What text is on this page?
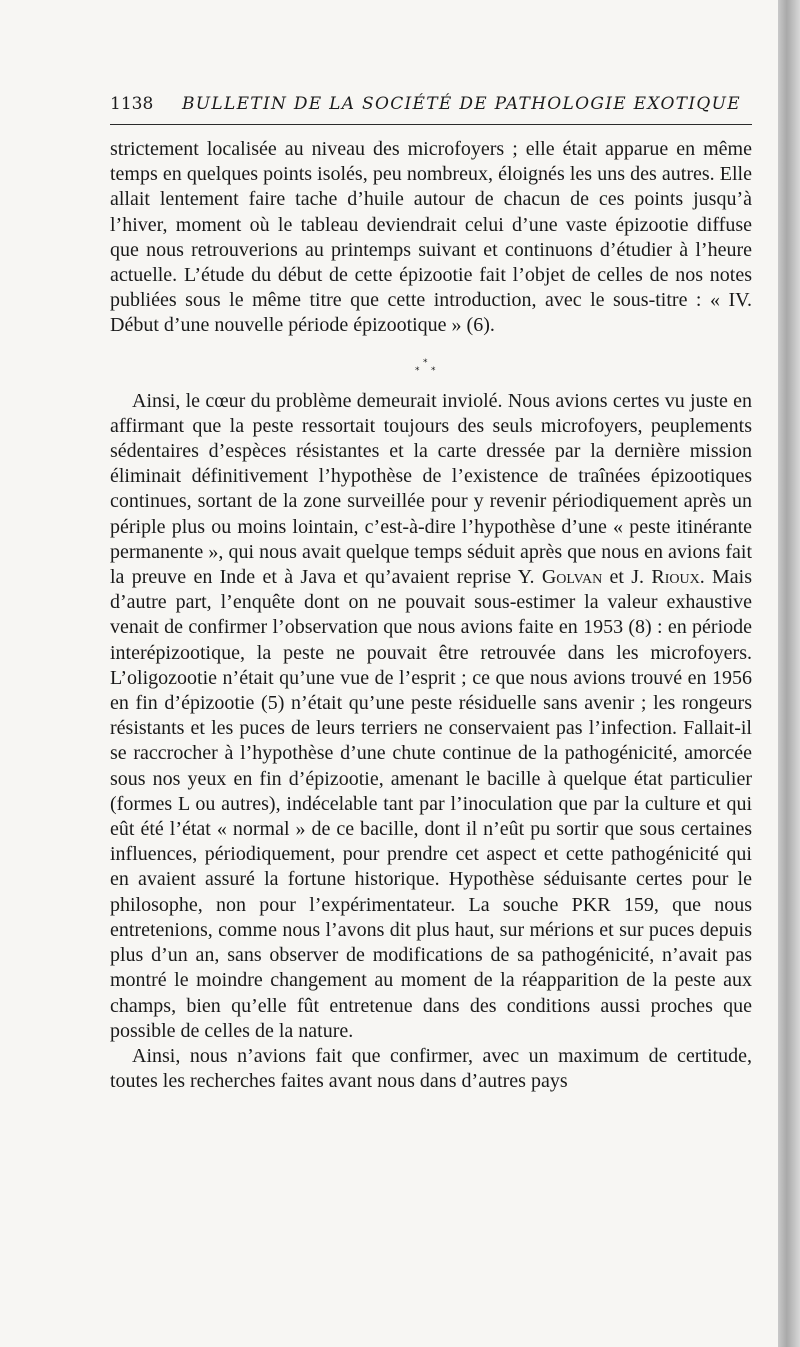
1138 BULLETIN DE LA SOCIÉTÉ DE PATHOLOGIE EXOTIQUE

strictement localisée au niveau des microfoyers ; elle était apparue en même temps en quelques points isolés, peu nombreux, éloignés les uns des autres. Elle allait lentement faire tache d’huile autour de chacun de ces points jusqu’à l’hiver, moment où le tableau deviendrait celui d’une vaste épizootie diffuse que nous retrouverions au printemps suivant et continuons d’étudier à l’heure actuelle. L’étude du début de cette épizootie fait l’objet de celles de nos notes publiées sous le même titre que cette introduction, avec le sous-titre : « IV. Début d’une nouvelle période épizootique » (6).

*
* *

Ainsi, le cœur du problème demeurait inviolé. Nous avions certes vu juste en affirmant que la peste ressortait toujours des seuls microfoyers, peuplements sédentaires d’espèces résistantes et la carte dressée par la dernière mission éliminait définitivement l’hypothèse de l’existence de traînées épizootiques continues, sortant de la zone surveillée pour y revenir périodiquement après un périple plus ou moins lointain, c’est-à-dire l’hypothèse d’une « peste itinérante permanente », qui nous avait quelque temps séduit après que nous en avions fait la preuve en Inde et à Java et qu’avaient reprise Y. Golvan et J. Rioux. Mais d’autre part, l’enquête dont on ne pouvait sous-estimer la valeur exhaustive venait de confirmer l’observation que nous avions faite en 1953 (8) : en période interépizootique, la peste ne pouvait être retrouvée dans les microfoyers. L’oligozootie n’était qu’une vue de l’esprit ; ce que nous avions trouvé en 1956 en fin d’épizootie (5) n’était qu’une peste résiduelle sans avenir ; les rongeurs résistants et les puces de leurs terriers ne conservaient pas l’infection. Fallait-il se raccrocher à l’hypothèse d’une chute continue de la pathogénicité, amorcée sous nos yeux en fin d’épizootie, amenant le bacille à quelque état particulier (formes L ou autres), indécelable tant par l’inoculation que par la culture et qui eût été l’état « normal » de ce bacille, dont il n’eût pu sortir que sous certaines influences, périodiquement, pour prendre cet aspect et cette pathogénicité qui en avaient assuré la fortune historique. Hypothèse séduisante certes pour le philosophe, non pour l’expérimentateur. La souche PKR 159, que nous entretenions, comme nous l’avons dit plus haut, sur mérions et sur puces depuis plus d’un an, sans observer de modifications de sa pathogénicité, n’avait pas montré le moindre changement au moment de la réapparition de la peste aux champs, bien qu’elle fût entretenue dans des conditions aussi proches que possible de celles de la nature.

Ainsi, nous n’avions fait que confirmer, avec un maximum de certitude, toutes les recherches faites avant nous dans d’autres pays
